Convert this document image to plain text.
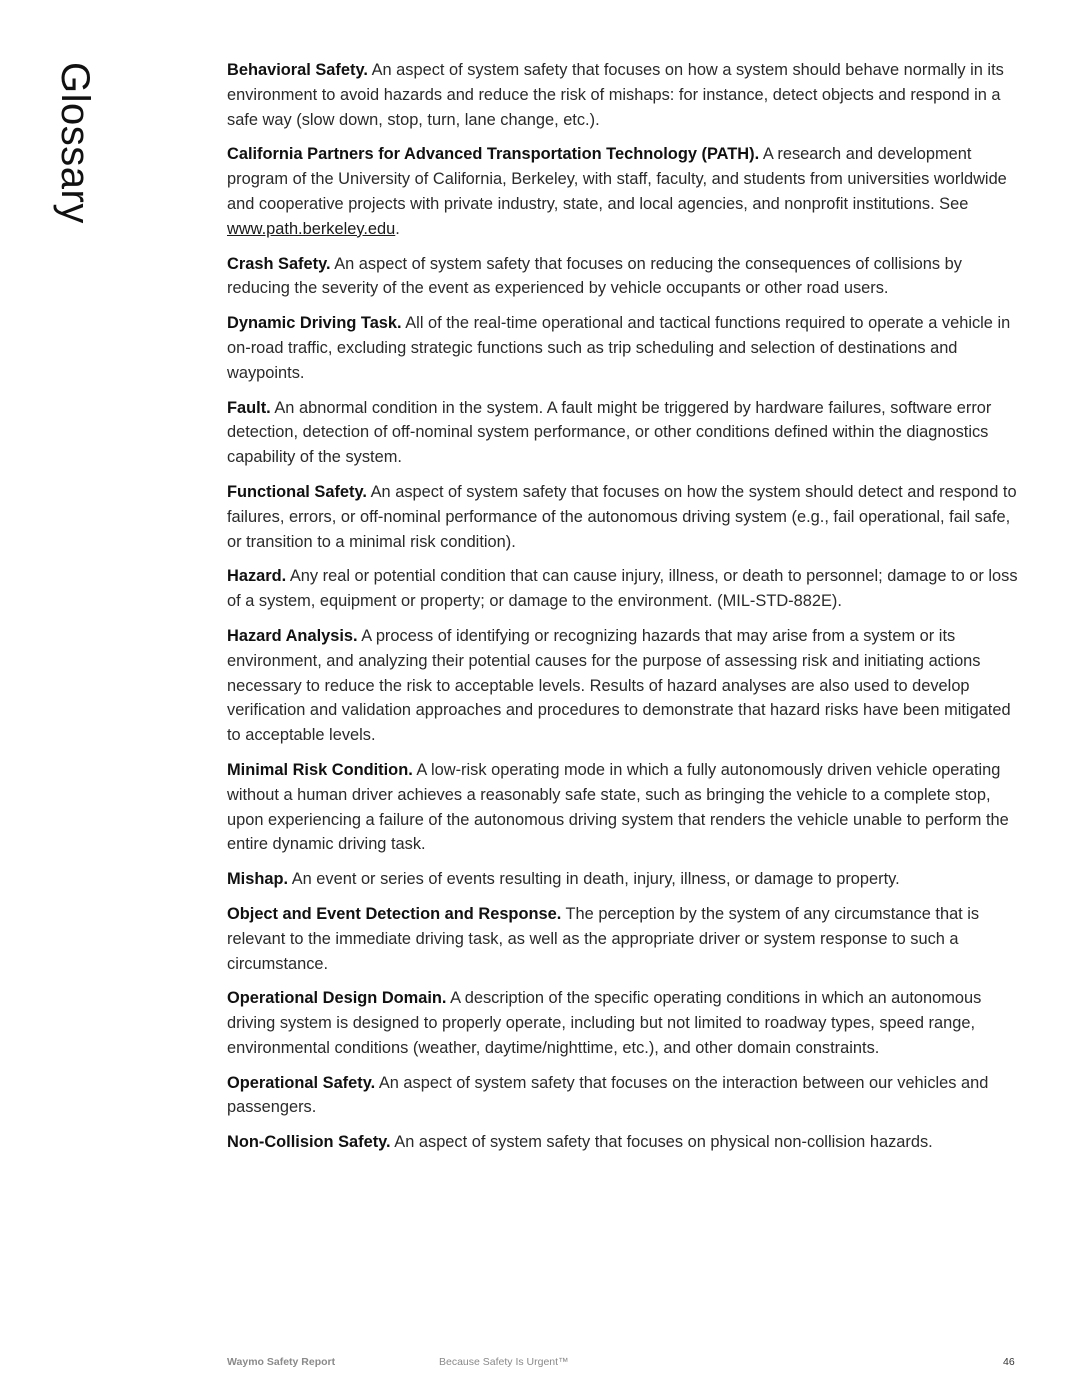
Glossary	Behavioral Safety. An aspect of system safety that focuses on how a system should behave normally in its environment to avoid hazards and reduce the risk of mishaps: for instance, detect objects and respond in a safe way (slow down, stop, turn, lane change, etc.).

California Partners for Advanced Transportation Technology (PATH). A research and development program of the University of California, Berkeley, with staff, faculty, and students from universities worldwide and cooperative projects with private industry, state, and local agencies, and nonprofit institutions. See www.path.berkeley.edu.

Crash Safety. An aspect of system safety that focuses on reducing the consequences of collisions by reducing the severity of the event as experienced by vehicle occupants or other road users.

Dynamic Driving Task. All of the real-time operational and tactical functions required to operate a vehicle in on-road traffic, excluding strategic functions such as trip scheduling and selection of destinations and waypoints.

Fault. An abnormal condition in the system. A fault might be triggered by hardware failures, software error detection, detection of off-nominal system performance, or other conditions defined within the diagnostics capability of the system.

Functional Safety. An aspect of system safety that focuses on how the system should detect and respond to failures, errors, or off-nominal performance of the autonomous driving system (e.g., fail operational, fail safe, or transition to a minimal risk condition).

Hazard. Any real or potential condition that can cause injury, illness, or death to personnel; damage to or loss of a system, equipment or property; or damage to the environment. (MIL-STD-882E).

Hazard Analysis. A process of identifying or recognizing hazards that may arise from a system or its environment, and analyzing their potential causes for the purpose of assessing risk and initiating actions necessary to reduce the risk to acceptable levels. Results of hazard analyses are also used to develop verification and validation approaches and procedures to demonstrate that hazard risks have been mitigated to acceptable levels.

Minimal Risk Condition. A low-risk operating mode in which a fully autonomously driven vehicle operating without a human driver achieves a reasonably safe state, such as bringing the vehicle to a complete stop, upon experiencing a failure of the autonomous driving system that renders the vehicle unable to perform the entire dynamic driving task.

Mishap. An event or series of events resulting in death, injury, illness, or damage to property.

Object and Event Detection and Response. The perception by the system of any circumstance that is relevant to the immediate driving task, as well as the appropriate driver or system response to such a circumstance.

Operational Design Domain. A description of the specific operating conditions in which an autonomous driving system is designed to properly operate, including but not limited to roadway types, speed range, environmental conditions (weather, daytime/nighttime, etc.), and other domain constraints.

Operational Safety. An aspect of system safety that focuses on the interaction between our vehicles and passengers.

Non-Collision Safety. An aspect of system safety that focuses on physical non-collision hazards.

Waymo Safety Report	Because Safety Is Urgent™	46
